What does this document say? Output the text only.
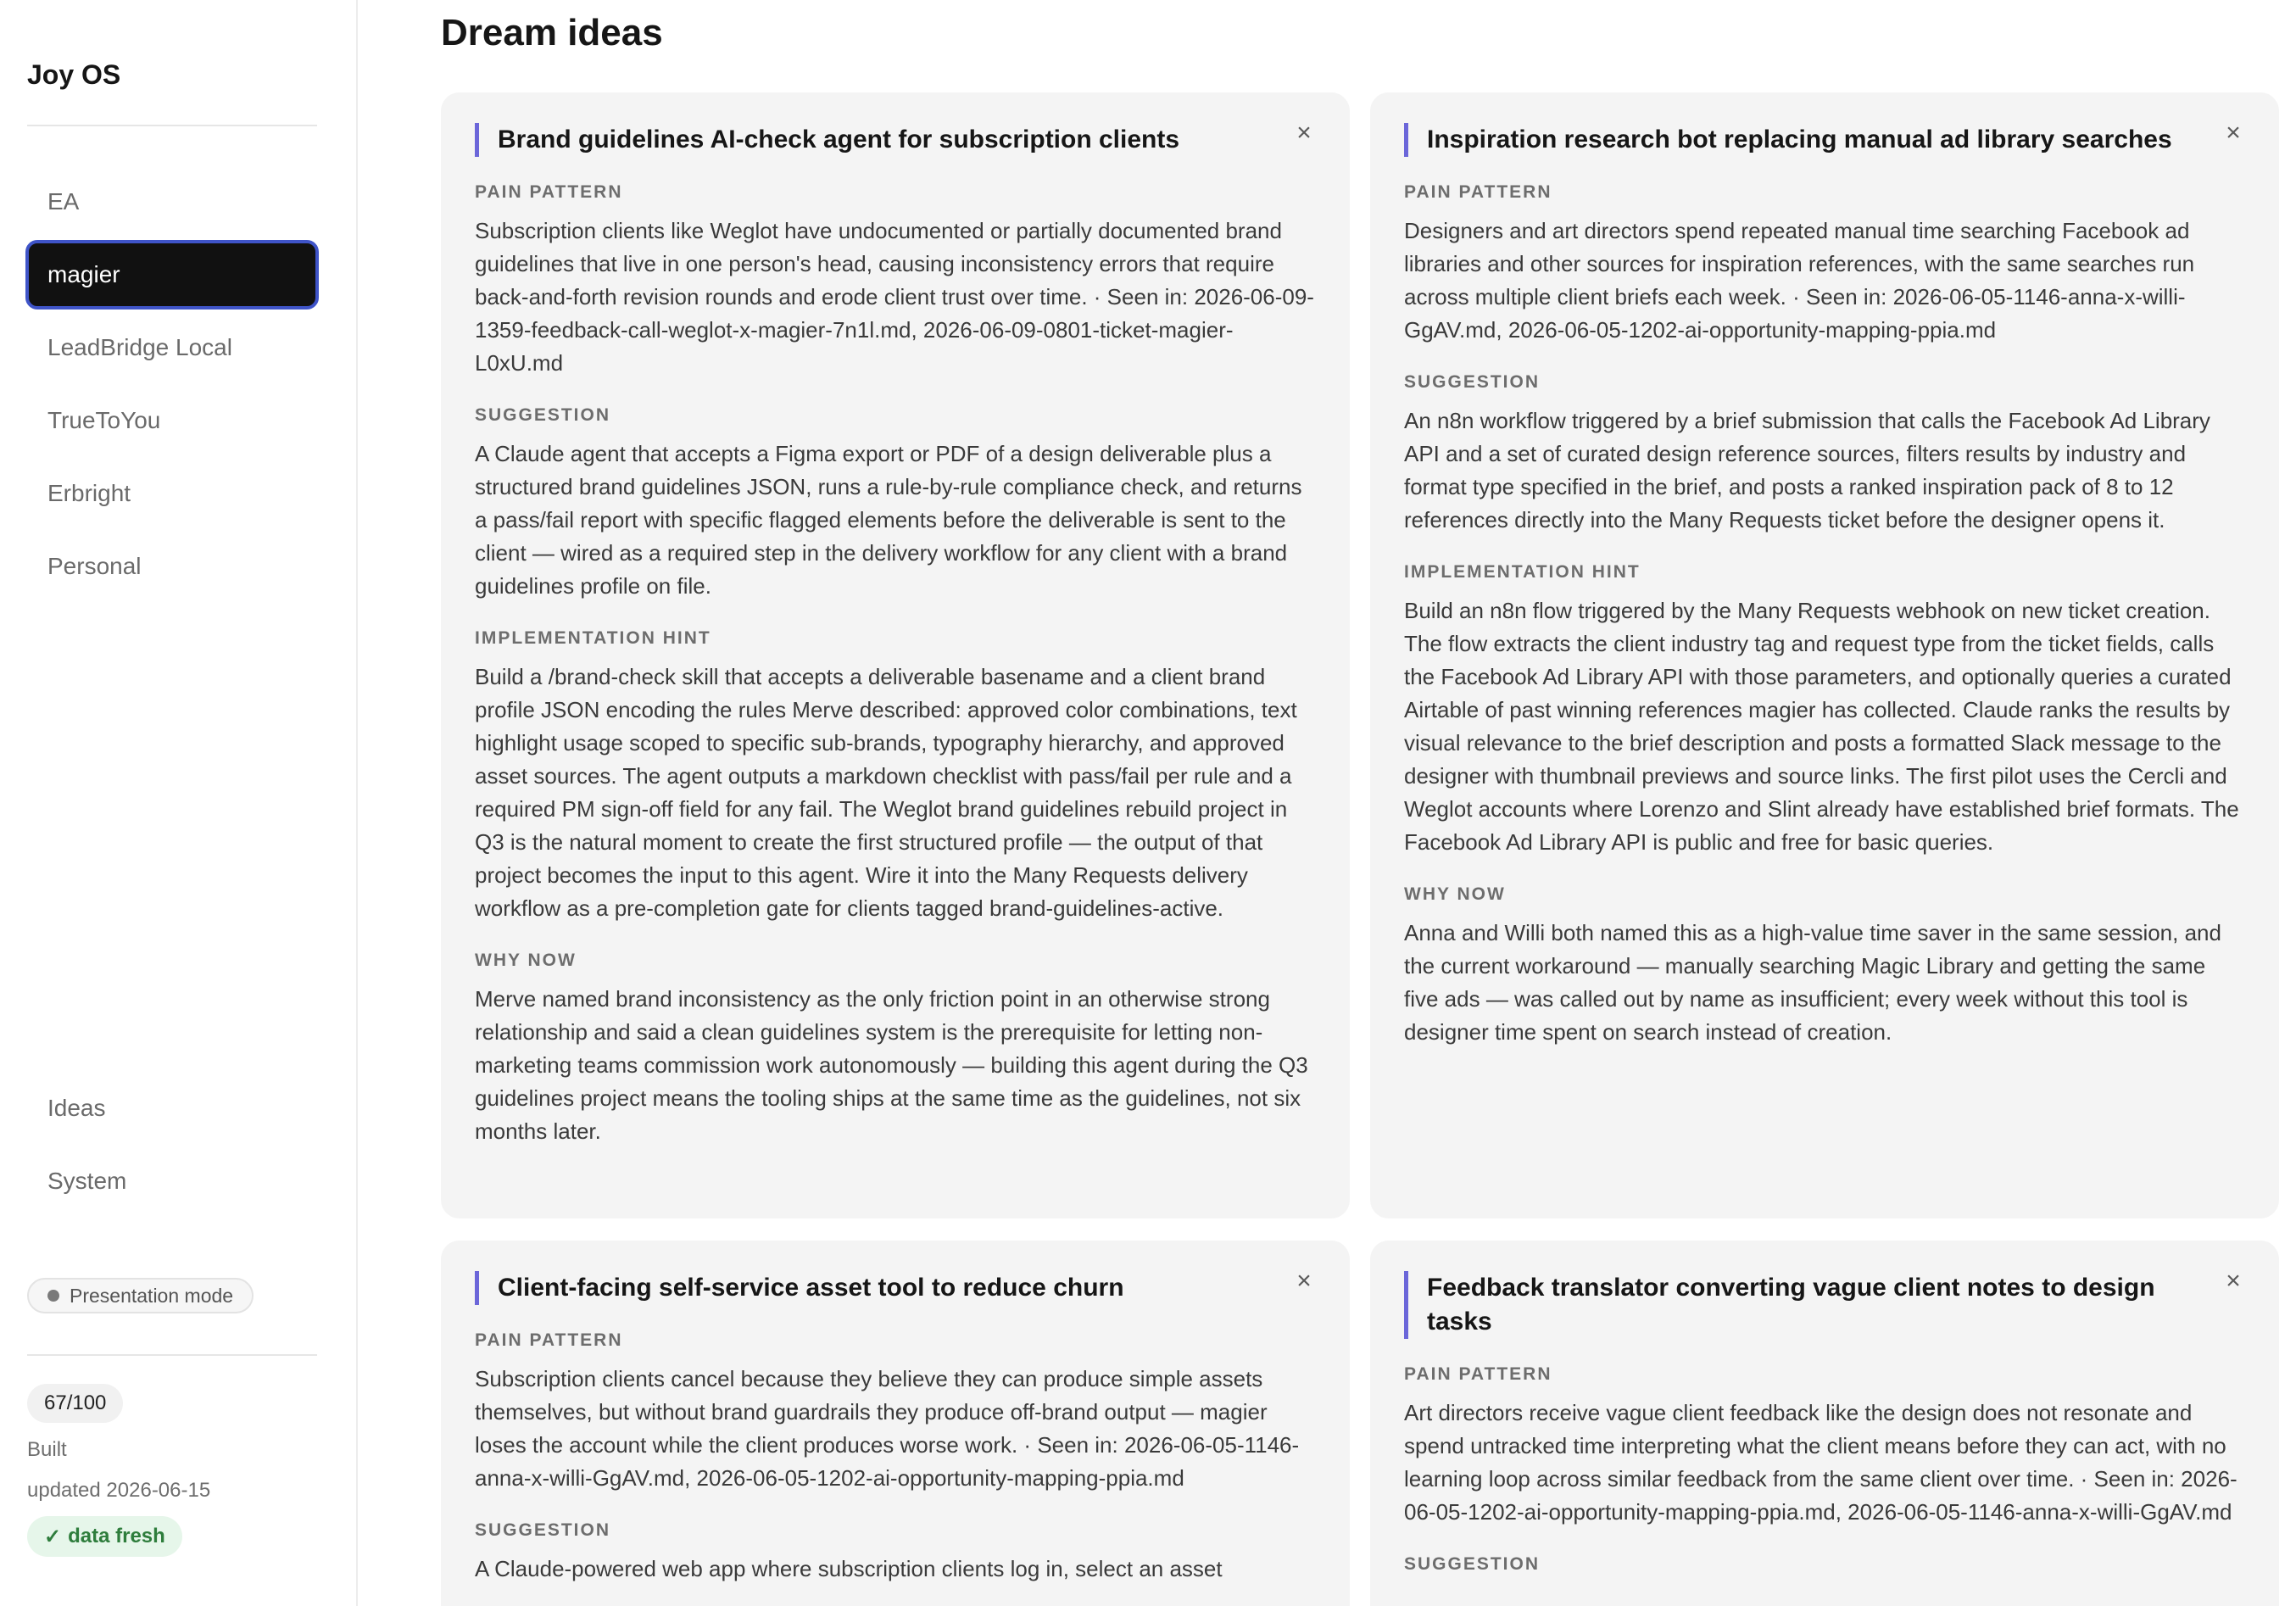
Joy OS
EA
magier
LeadBridge Local
TrueToYou
Erbright
Personal
Ideas
System
Presentation mode
67/100
Built
updated 2026-06-15
✓ data fresh
Dream ideas
×
Brand guidelines AI-check agent for subscription clients
PAIN PATTERN
Subscription clients like Weglot have undocumented or partially documented brand guidelines that live in one person's head, causing inconsistency errors that require back-and-forth revision rounds and erode client trust over time. · Seen in: 2026-06-09-1359-feedback-call-weglot-x-magier-7n1l.md, 2026-06-09-0801-ticket-magier-L0xU.md
SUGGESTION
A Claude agent that accepts a Figma export or PDF of a design deliverable plus a structured brand guidelines JSON, runs a rule-by-rule compliance check, and returns a pass/fail report with specific flagged elements before the deliverable is sent to the client — wired as a required step in the delivery workflow for any client with a brand guidelines profile on file.
IMPLEMENTATION HINT
Build a /brand-check skill that accepts a deliverable basename and a client brand profile JSON encoding the rules Merve described: approved color combinations, text highlight usage scoped to specific sub-brands, typography hierarchy, and approved asset sources. The agent outputs a markdown checklist with pass/fail per rule and a required PM sign-off field for any fail. The Weglot brand guidelines rebuild project in Q3 is the natural moment to create the first structured profile — the output of that project becomes the input to this agent. Wire it into the Many Requests delivery workflow as a pre-completion gate for clients tagged brand-guidelines-active.
WHY NOW
Merve named brand inconsistency as the only friction point in an otherwise strong relationship and said a clean guidelines system is the prerequisite for letting non-marketing teams commission work autonomously — building this agent during the Q3 guidelines project means the tooling ships at the same time as the guidelines, not six months later.
×
Inspiration research bot replacing manual ad library searches
PAIN PATTERN
Designers and art directors spend repeated manual time searching Facebook ad libraries and other sources for inspiration references, with the same searches run across multiple client briefs each week. · Seen in: 2026-06-05-1146-anna-x-willi-GgAV.md, 2026-06-05-1202-ai-opportunity-mapping-ppia.md
SUGGESTION
An n8n workflow triggered by a brief submission that calls the Facebook Ad Library API and a set of curated design reference sources, filters results by industry and format type specified in the brief, and posts a ranked inspiration pack of 8 to 12 references directly into the Many Requests ticket before the designer opens it.
IMPLEMENTATION HINT
Build an n8n flow triggered by the Many Requests webhook on new ticket creation. The flow extracts the client industry tag and request type from the ticket fields, calls the Facebook Ad Library API with those parameters, and optionally queries a curated Airtable of past winning references magier has collected. Claude ranks the results by visual relevance to the brief description and posts a formatted Slack message to the designer with thumbnail previews and source links. The first pilot uses the Cercli and Weglot accounts where Lorenzo and Slint already have established brief formats. The Facebook Ad Library API is public and free for basic queries.
WHY NOW
Anna and Willi both named this as a high-value time saver in the same session, and the current workaround — manually searching Magic Library and getting the same five ads — was called out by name as insufficient; every week without this tool is designer time spent on search instead of creation.
×
Client-facing self-service asset tool to reduce churn
PAIN PATTERN
Subscription clients cancel because they believe they can produce simple assets themselves, but without brand guardrails they produce off-brand output — magier loses the account while the client produces worse work. · Seen in: 2026-06-05-1146-anna-x-willi-GgAV.md, 2026-06-05-1202-ai-opportunity-mapping-ppia.md
SUGGESTION
A Claude-powered web app where subscription clients log in, select an asset
×
Feedback translator converting vague client notes to design tasks
PAIN PATTERN
Art directors receive vague client feedback like the design does not resonate and spend untracked time interpreting what the client means before they can act, with no learning loop across similar feedback from the same client over time. · Seen in: 2026-06-05-1202-ai-opportunity-mapping-ppia.md, 2026-06-05-1146-anna-x-willi-GgAV.md
SUGGESTION
